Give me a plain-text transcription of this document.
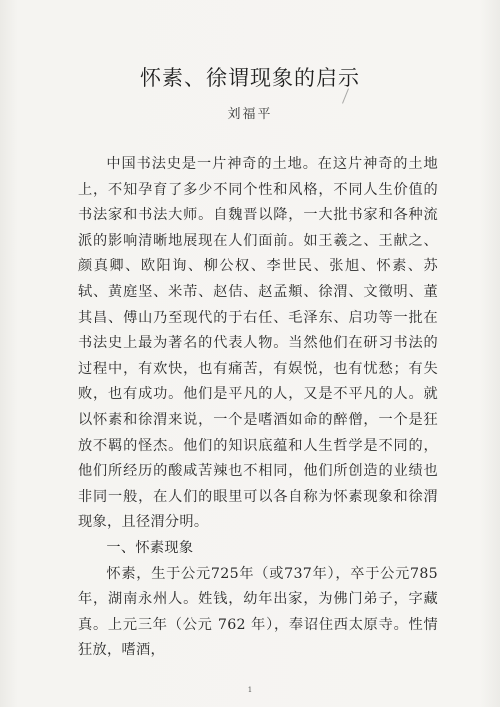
怀素、徐谓现象的启示
刘福平

中国书法史是一片神奇的土地。在这片神奇的土地上，不知孕育了多少不同个性和风格，不同人生价值的书法家和书法大师。自魏晋以降，一大批书家和各种流派的影响清晰地展现在人们面前。如王羲之、王献之、颜真卿、欧阳询、柳公权、李世民、张旭、怀素、苏轼、黄庭坚、米芾、赵佶、赵孟頫、徐渭、文徵明、董其昌、傅山乃至现代的于右任、毛泽东、启功等一批在书法史上最为著名的代表人物。当然他们在研习书法的过程中，有欢快，也有痛苦，有娱悦，也有忧愁；有失败，也有成功。他们是平凡的人，又是不平凡的人。就以怀素和徐渭来说，一个是嗜酒如命的醉僧，一个是狂放不羁的怪杰。他们的知识底蕴和人生哲学是不同的，他们所经历的酸咸苦辣也不相同，他们所创造的业绩也非同一般，在人们的眼里可以各自称为怀素现象和徐渭现象，且径渭分明。

一、怀素现象

怀素，生于公元725年（或737年），卒于公元785年，湖南永州人。姓钱，幼年出家，为佛门弟子，字藏真。上元三年（公元 762 年），奉诏住西太原寺。性情狂放，嗜酒，

1
